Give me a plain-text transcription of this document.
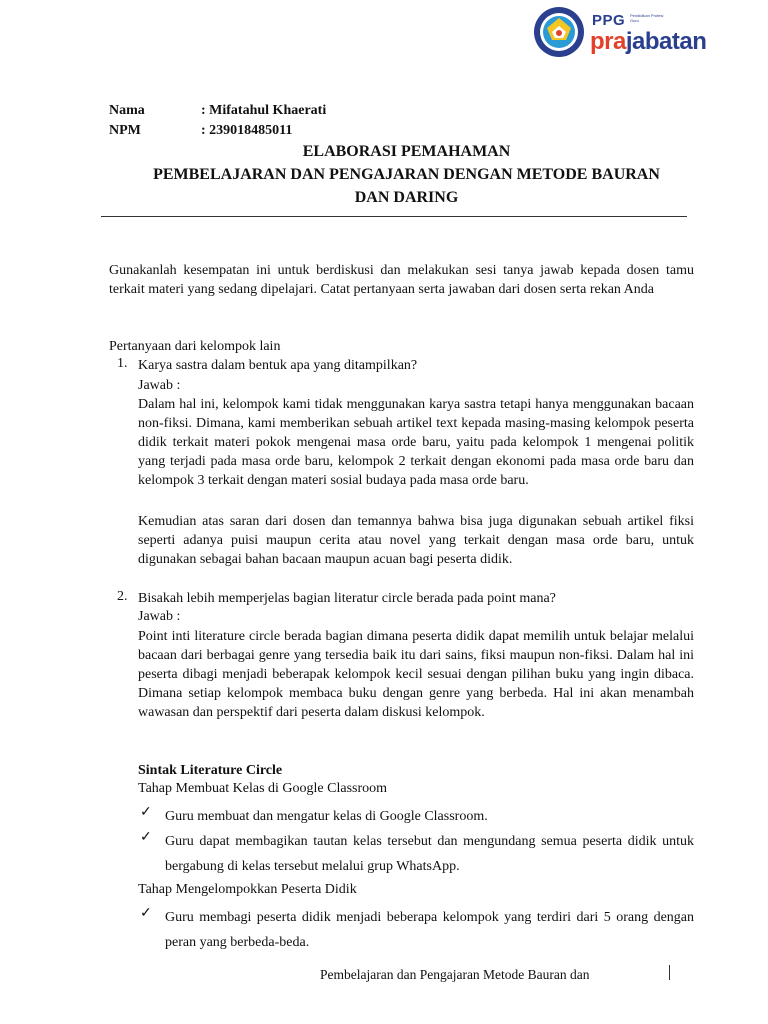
PPG Pendidikan Profesi Guru
prajabatan
Nama	: Mifatahul Khaerati
NPM	: 239018485011
ELABORASI PEMAHAMAN
PEMBELAJARAN DAN PENGAJARAN DENGAN METODE BAURAN
DAN DARING
Gunakanlah kesempatan ini untuk berdiskusi dan melakukan sesi tanya jawab kepada dosen tamu terkait materi yang sedang dipelajari. Catat pertanyaan serta jawaban dari dosen serta rekan Anda
Pertanyaan dari kelompok lain
1. Karya sastra dalam bentuk apa yang ditampilkan?
Jawab :
Dalam hal ini, kelompok kami tidak menggunakan karya sastra tetapi hanya menggunakan bacaan non-fiksi. Dimana, kami memberikan sebuah artikel text kepada masing-masing kelompok peserta didik terkait materi pokok mengenai masa orde baru, yaitu pada kelompok 1 mengenai politik yang terjadi pada masa orde baru, kelompok 2 terkait dengan ekonomi pada masa orde baru dan kelompok 3 terkait dengan materi sosial budaya pada masa orde baru.
Kemudian atas saran dari dosen dan temannya bahwa bisa juga digunakan sebuah artikel fiksi seperti adanya puisi maupun cerita atau novel yang terkait dengan masa orde baru, untuk digunakan sebagai bahan bacaan maupun acuan bagi peserta didik.
2. Bisakah lebih memperjelas bagian literatur circle berada pada point mana?
Jawab :
Point inti literature circle berada bagian dimana peserta didik dapat memilih untuk belajar melalui bacaan dari berbagai genre yang tersedia baik itu dari sains, fiksi maupun non-fiksi. Dalam hal ini peserta dibagi menjadi beberapak kelompok kecil sesuai dengan pilihan buku yang ingin dibaca. Dimana setiap kelompok membaca buku dengan genre yang berbeda. Hal ini akan menambah wawasan dan perspektif dari peserta dalam diskusi kelompok.
Sintak Literature Circle
Tahap Membuat Kelas di Google Classroom
✓ Guru membuat dan mengatur kelas di Google Classroom.
✓ Guru dapat membagikan tautan kelas tersebut dan mengundang semua peserta didik untuk bergabung di kelas tersebut melalui grup WhatsApp.
Tahap Mengelompokkan Peserta Didik
✓ Guru membagi peserta didik menjadi beberapa kelompok yang terdiri dari 5 orang dengan peran yang berbeda-beda.
Pembelajaran dan Pengajaran Metode Bauran dan
